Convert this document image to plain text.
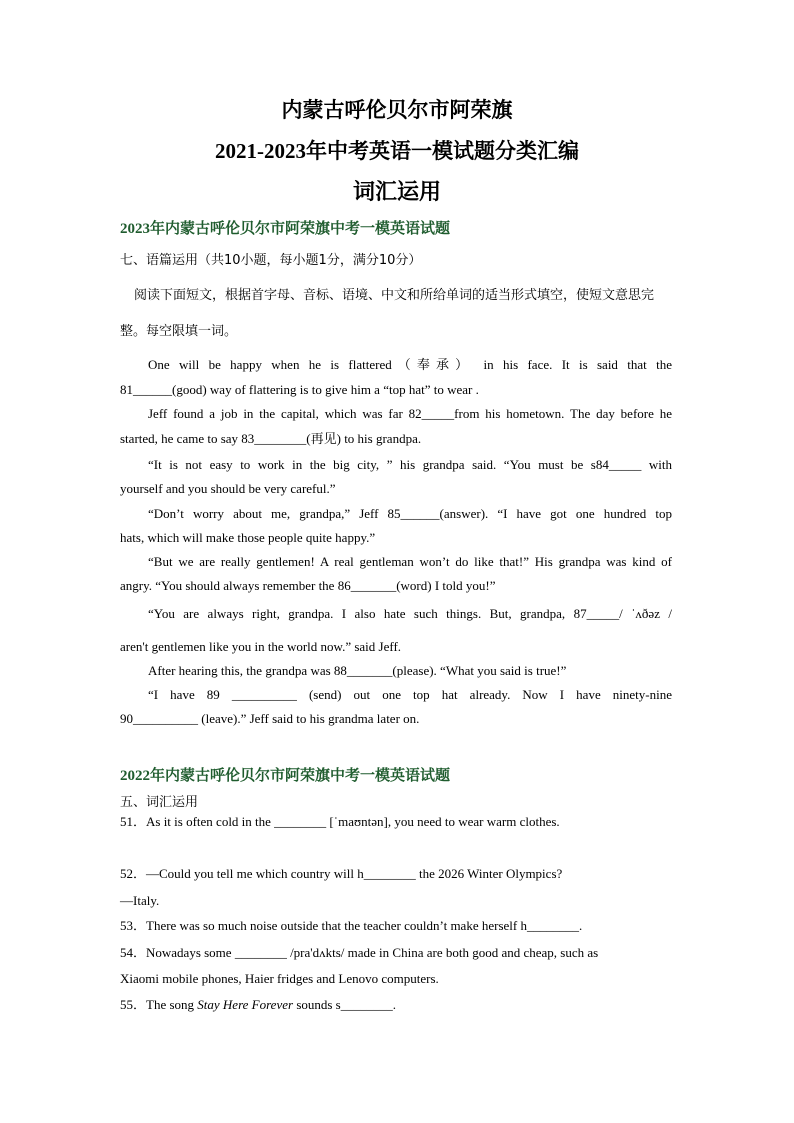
内蒙古呼伦贝尔市阿荣旗
2021-2023年中考英语一模试题分类汇编
词汇运用
2023年内蒙古呼伦贝尔市阿荣旗中考一模英语试题
七、语篇运用（共10小题，每小题1分，满分10分）
阅读下面短文，根据首字母、音标、语境、中文和所给单词的适当形式填空，使短文意思完
整。每空限填一词。
One will be happy when he is flattered（奉承） in his face. It is said that the
81______(good) way of flattering is to give him a “top hat” to wear .
Jeff found a job in the capital, which was far 82_____from his hometown. The day before he
started, he came to say 83________(再见) to his grandpa.
“It is not easy to work in the big city, ” his grandpa said. “You must be s84_____ with
yourself and you should be very careful.”
“Don’t worry about me, grandpa,” Jeff 85______(answer). “I have got one hundred top
hats, which will make those people quite happy.”
“But we are really gentlemen! A real gentleman won’t do like that!” His grandpa was kind of
angry. “You should always remember the 86_______(word) I told you!”
“You are always right, grandpa. I also hate such things. But, grandpa, 87_____/ ˈʌðəz /
aren't gentlemen like you in the world now.” said Jeff.
After hearing this, the grandpa was 88_______(please). “What you said is true!”
“I have 89 __________ (send) out one top hat already. Now I have ninety-nine
90__________ (leave).” Jeff said to his grandma later on.
2022年内蒙古呼伦贝尔市阿荣旗中考一模英语试题
五、词汇运用
51．As it is often cold in the ________ [ˈmaʊntən], you need to wear warm clothes.
52．—Could you tell me which country will h________ the 2026 Winter Olympics?
—Italy.
53．There was so much noise outside that the teacher couldn’t make herself h________.
54．Nowadays some ________ /pra'dʌkts/ made in China are both good and cheap, such as
Xiaomi mobile phones, Haier fridges and Lenovo computers.
55．The song Stay Here Forever sounds s________.
